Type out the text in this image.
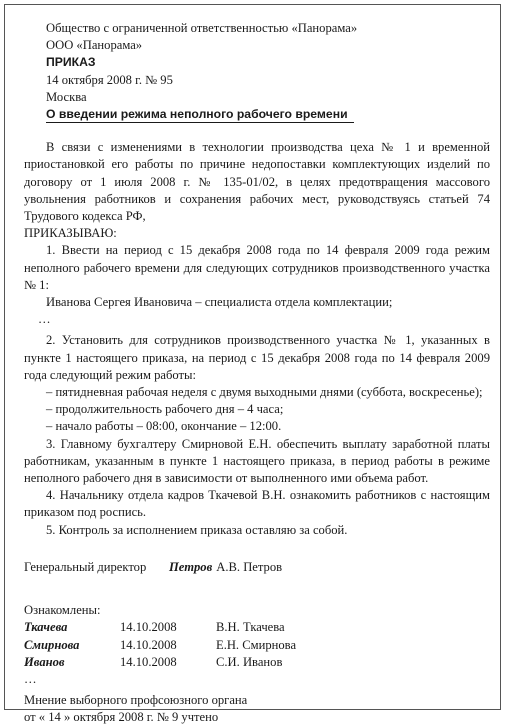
Общество с ограниченной ответственностью «Панорама»
ООО «Панорама»
ПРИКАЗ
14 октября 2008 г. № 95
Москва
О введении режима неполного рабочего времени

В связи с изменениями в технологии производства цеха № 1 и временной приостановкой его работы по причине недопоставки комплектующих изделий по договору от 1 июля 2008 г. № 135-01/02, в целях предотвращения массового увольнения работников и сохранения рабочих мест, руководствуясь статьей 74 Трудового кодекса РФ,

ПРИКАЗЫВАЮ:

1. Ввести на период с 15 декабря 2008 года по 14 февраля 2009 года режим неполного рабочего времени для следующих сотрудников производственного участка № 1:

Иванова Сергея Ивановича – специалиста отдела комплектации;

…

2. Установить для сотрудников производственного участка № 1, указанных в пункте 1 настоящего приказа, на период с 15 декабря 2008 года по 14 февраля 2009 года следующий режим работы:

– пятидневная рабочая неделя с двумя выходными днями (суббота, воскресенье);

– продолжительность рабочего дня – 4 часа;

– начало работы – 08:00, окончание – 12:00.

3. Главному бухгалтеру Смирновой Е.Н. обеспечить выплату заработной платы работникам, указанным в пункте 1 настоящего приказа, в период работы в режиме неполного рабочего дня в зависимости от выполненного ими объема работ.

4. Начальнику отдела кадров Ткачевой В.Н. ознакомить работников с настоящим приказом под роспись.

5. Контроль за исполнением приказа оставляю за собой.

Генеральный директор	Петров А.В. Петров
Ознакомлены:
Ткачева	14.10.2008	В.Н. Ткачева
Смирнова	14.10.2008	Е.Н. Смирнова
Иванов	14.10.2008	С.И. Иванов
…
Мнение выборного профсоюзного органа
от « 14 » октября 2008 г. № 9 учтено
